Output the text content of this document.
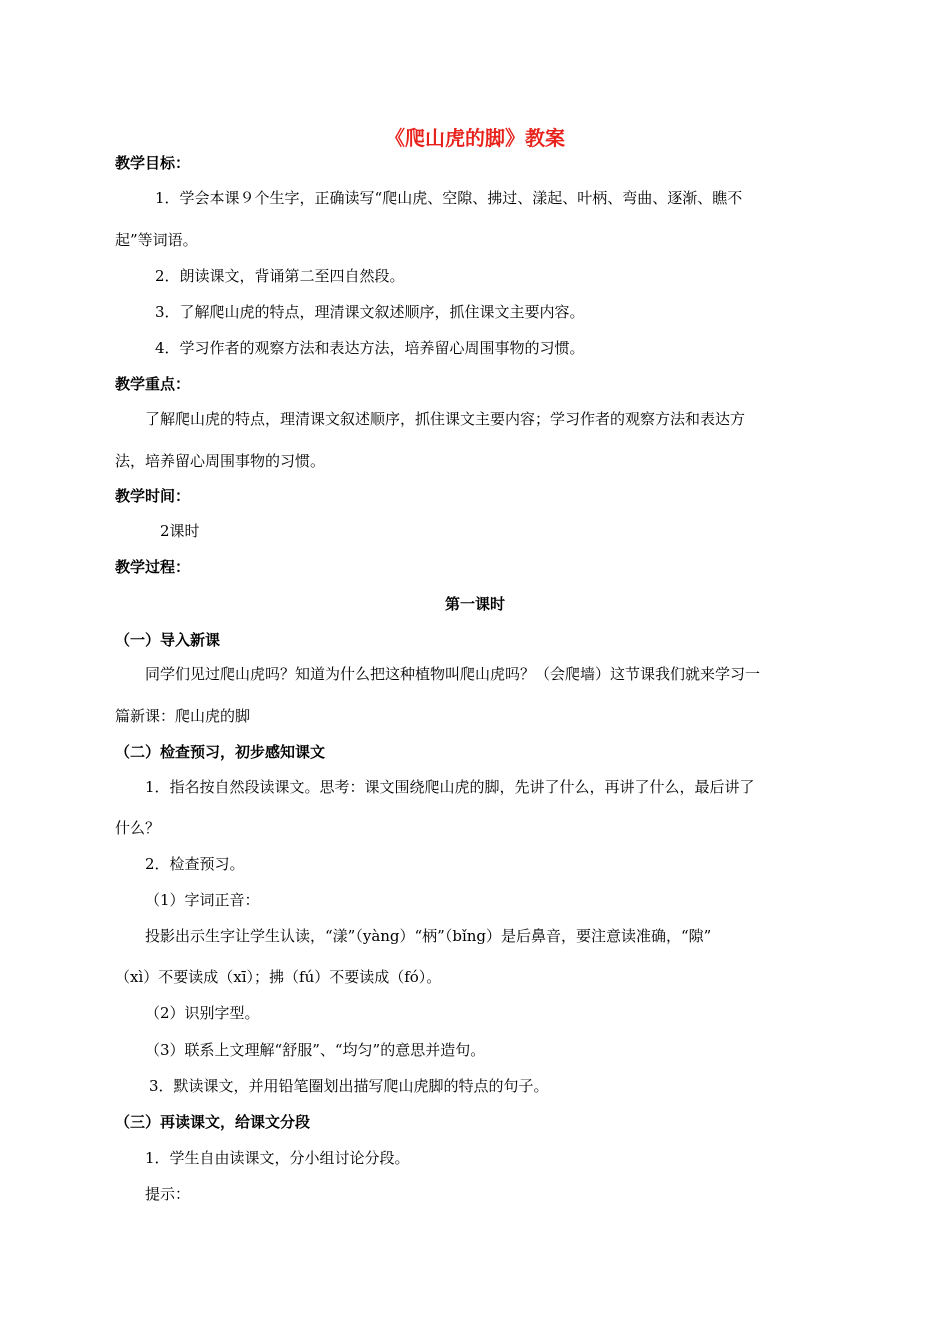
《爬山虎的脚》教案
教学目标：
1．学会本课９个生字，正确读写“爬山虎、空隙、拂过、漾起、叶柄、弯曲、逐渐、瞧不
起”等词语。
2．朗读课文，背诵第二至四自然段。
3．了解爬山虎的特点，理清课文叙述顺序，抓住课文主要内容。
4．学习作者的观察方法和表达方法，培养留心周围事物的习惯。
教学重点：
了解爬山虎的特点，理清课文叙述顺序，抓住课文主要内容；学习作者的观察方法和表达方
法，培养留心周围事物的习惯。
教学时间：
2课时
教学过程：
第一课时
（一）导入新课
同学们见过爬山虎吗？知道为什么把这种植物叫爬山虎吗？（会爬墙）这节课我们就来学习一
篇新课：爬山虎的脚
（二）检查预习，初步感知课文
1．指名按自然段读课文。思考：课文围绕爬山虎的脚，先讲了什么，再讲了什么，最后讲了
什么？
2．检查预习。
（1）字词正音：
投影出示生字让学生认读，“漾”（yàng）“柄”（bǐng）是后鼻音，要注意读准确，“隙”
（xì）不要读成（xī）；拂（fú）不要读成（fó）。
（2）识别字型。
（3）联系上文理解“舒服”、“均匀”的意思并造句。
3．默读课文，并用铅笔圈划出描写爬山虎脚的特点的句子。
（三）再读课文，给课文分段
1．学生自由读课文，分小组讨论分段。
提示：
